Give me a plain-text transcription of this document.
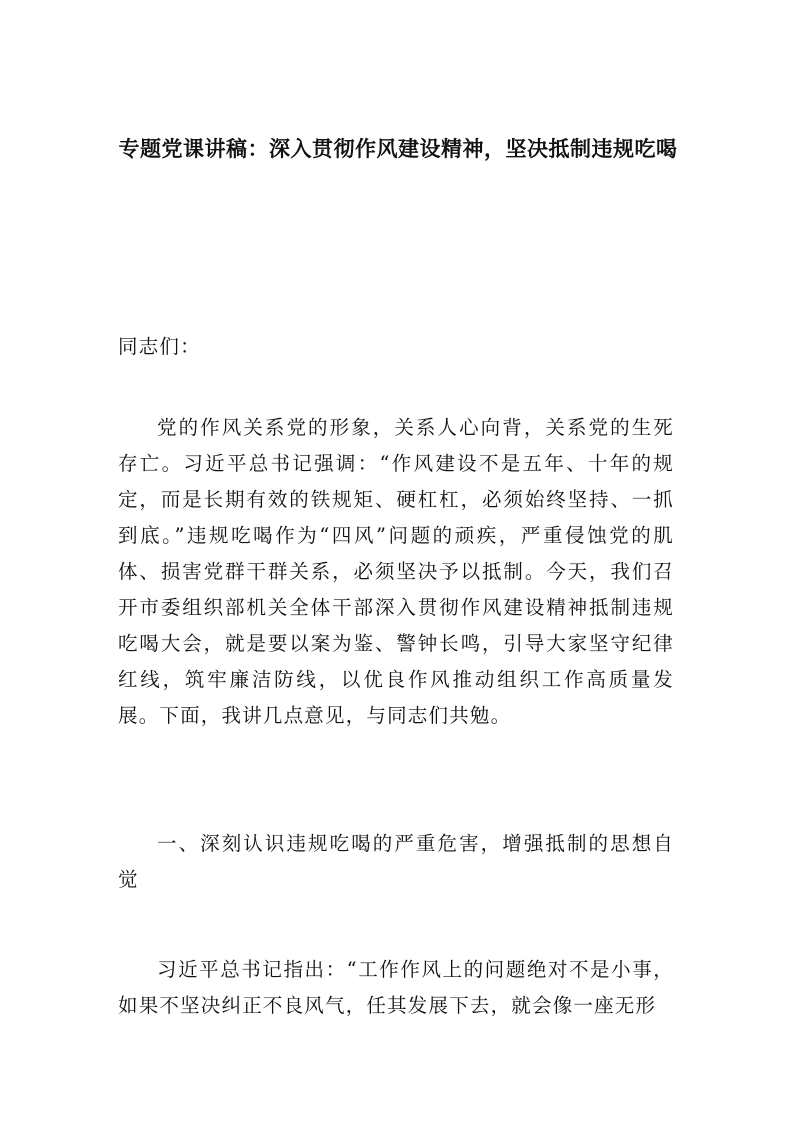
专题党课讲稿：深入贯彻作风建设精神，坚决抵制违规吃喝

同志们：

党的作风关系党的形象，关系人心向背，关系党的生死存亡。习近平总书记强调：“作风建设不是五年、十年的规定，而是长期有效的铁规矩、硬杠杠，必须始终坚持、一抓到底。”违规吃喝作为“四风”问题的顽疾，严重侵蚀党的肌体、损害党群干群关系，必须坚决予以抵制。今天，我们召开市委组织部机关全体干部深入贯彻作风建设精神抵制违规吃喝大会，就是要以案为鉴、警钟长鸣，引导大家坚守纪律红线，筑牢廉洁防线，以优良作风推动组织工作高质量发展。下面，我讲几点意见，与同志们共勉。

一、深刻认识违规吃喝的严重危害，增强抵制的思想自觉

习近平总书记指出：“工作作风上的问题绝对不是小事，如果不坚决纠正不良风气，任其发展下去，就会像一座无形
